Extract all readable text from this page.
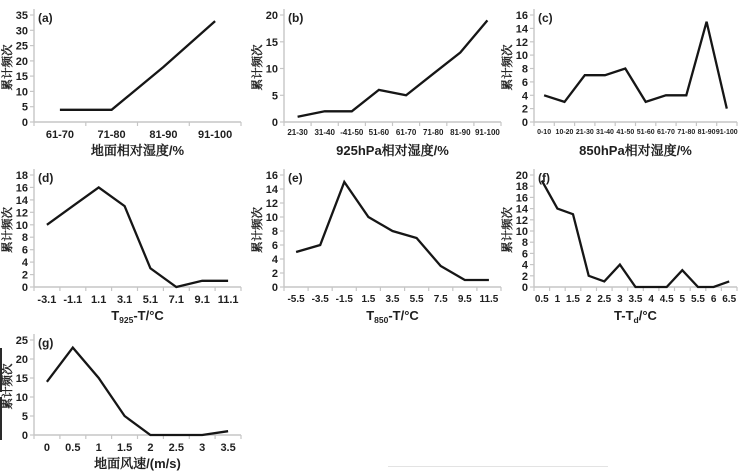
0
5
10
15
20
25
30
35
61-70 71-80 81-90 91-100
(a)
累计频次
地面相对湿度/%
0
5
10
15
20
21-30 31-40 -41-50 51-60 61-70 71-80 81-90 91-100
(b)
累计频次
925hPa相对湿度/%
0
2
4
6
8
10
12
14
16
0-10 10-20 21-30 31-40 41-50 51-60 61-70 71-80 81-90 91-100
(c)
累计频次
850hPa相对湿度/%
0
2
4
6
8
10
12
14
16
18
-3.1 -1.1 1.1 3.1 5.1 7.1 9.1 11.1
(d)
累计频次
$T_{925}-T/^\circ C$
0
2
4
6
8
10
12
14
16
-5.5 -3.5 -1.5 1.5 3.5 5.5 7.5 9.5 11.5
(e)
累计频次
$T_{850}-T/^\circ C$
0
2
4
6
8
10
12
14
16
18
20
0.5 1 1.5 2 2.5 3 3.5 4 4.5 5 5.5 6 6.5
(f)
累计频次
$T-T_d/^\circ C$
0
5
10
15
20
25
0 0.5 1 1.5 2 2.5 3 3.5
(g)
累计频次
地面风速/(m/s)
